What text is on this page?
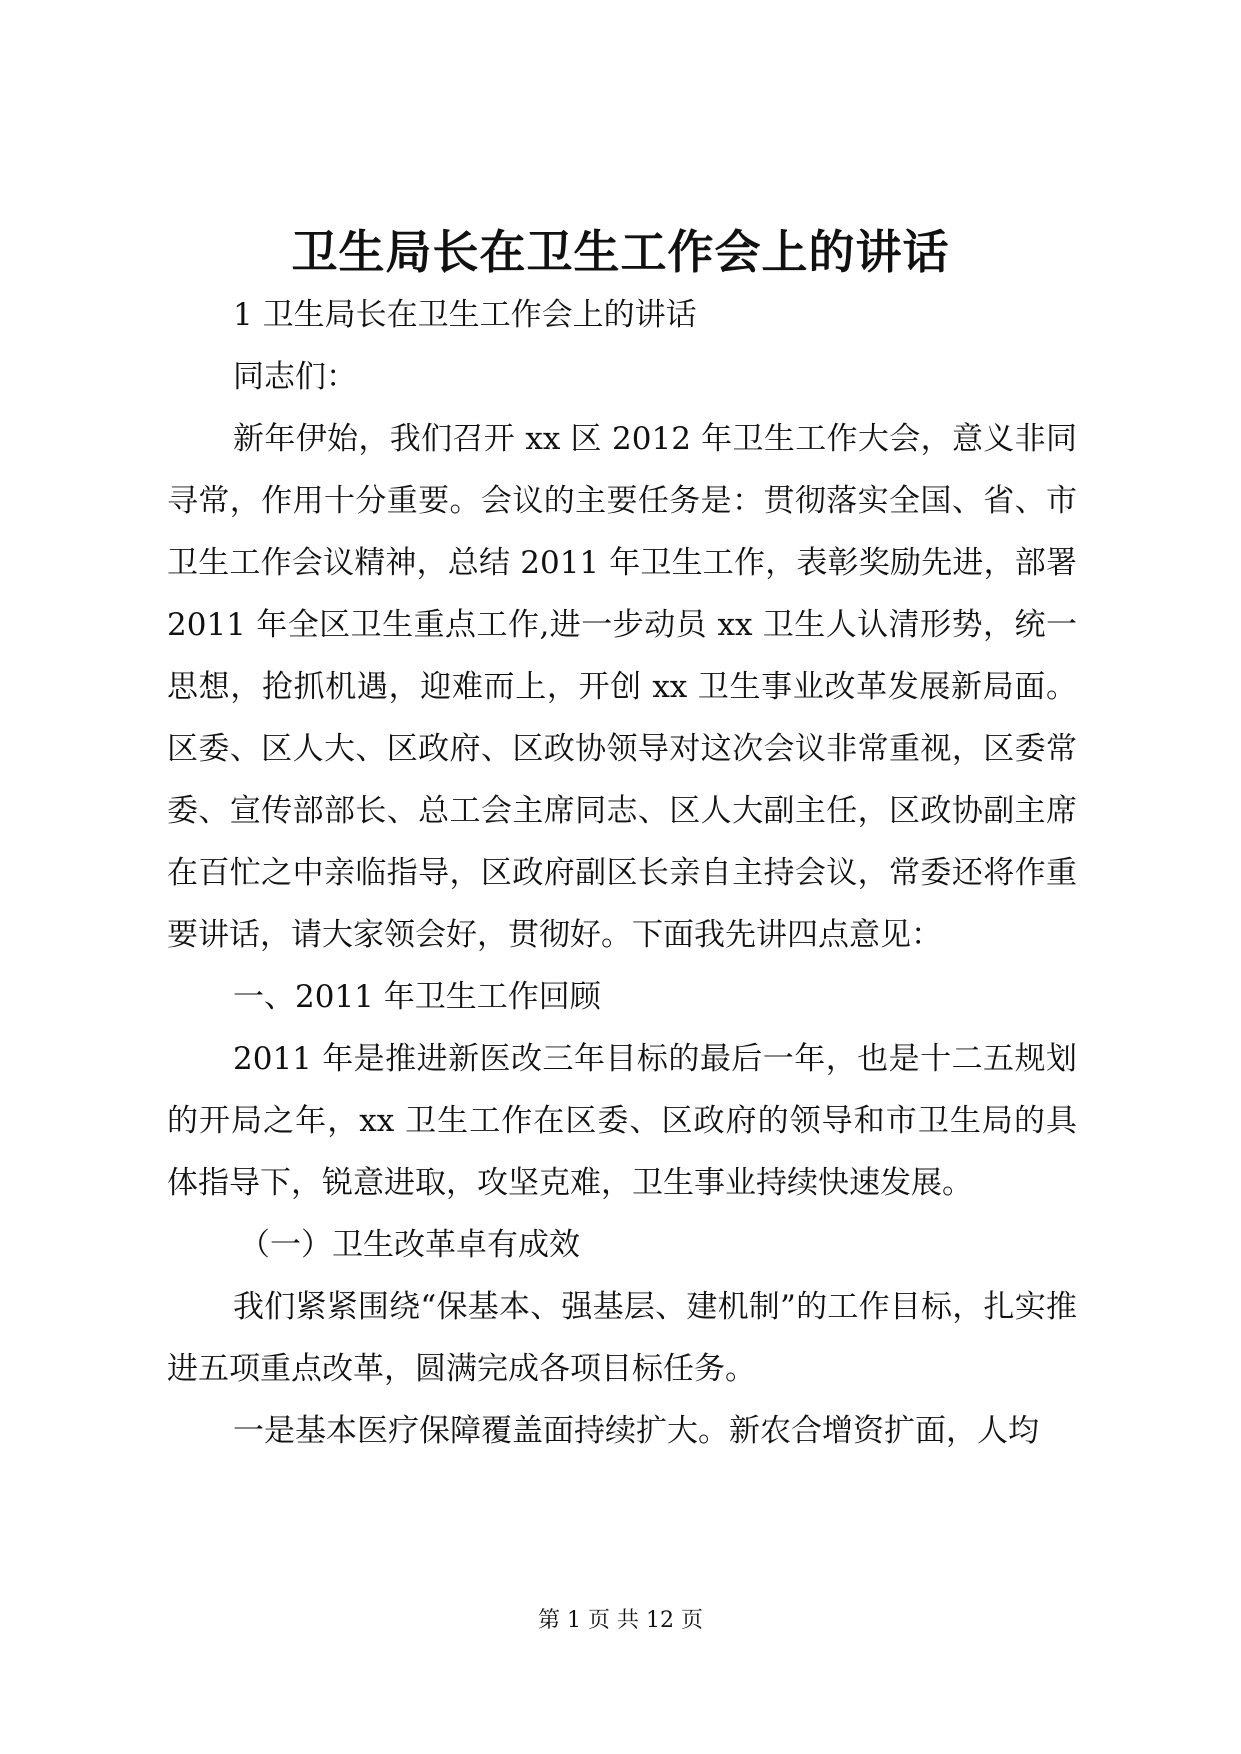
卫生局长在卫生工作会上的讲话

1 卫生局长在卫生工作会上的讲话

同志们：

新年伊始，我们召开 xx 区 2012 年卫生工作大会，意义非同寻常，作用十分重要。会议的主要任务是：贯彻落实全国、省、市卫生工作会议精神，总结 2011 年卫生工作，表彰奖励先进，部署2011 年全区卫生重点工作,进一步动员 xx 卫生人认清形势，统一思想，抢抓机遇，迎难而上，开创 xx 卫生事业改革发展新局面。区委、区人大、区政府、区政协领导对这次会议非常重视，区委常委、宣传部部长、总工会主席同志、区人大副主任，区政协副主席在百忙之中亲临指导，区政府副区长亲自主持会议，常委还将作重要讲话，请大家领会好，贯彻好。下面我先讲四点意见：

一、2011 年卫生工作回顾

2011 年是推进新医改三年目标的最后一年，也是十二五规划的开局之年，xx 卫生工作在区委、区政府的领导和市卫生局的具体指导下，锐意进取，攻坚克难，卫生事业持续快速发展。

（一）卫生改革卓有成效

我们紧紧围绕“保基本、强基层、建机制”的工作目标，扎实推进五项重点改革，圆满完成各项目标任务。

一是基本医疗保障覆盖面持续扩大。新农合增资扩面，人均

第 1 页 共 12 页
